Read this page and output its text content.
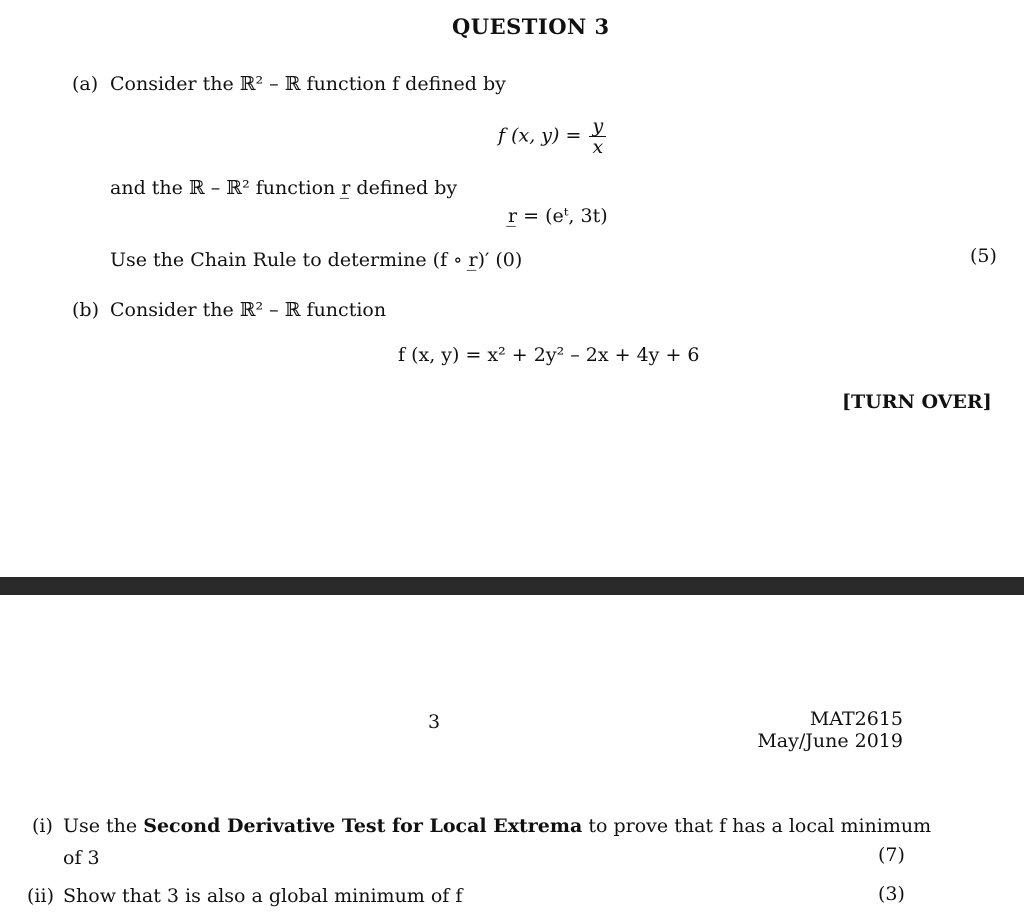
QUESTION 3
(a) Consider the ℝ² – ℝ function f defined by
f (x, $y) = \frac{y}{x}$
and the ℝ – ℝ² function r̲ defined by
r̲ = (eᵗ, 3t)
Use the Chain Rule to determine (f ∘ r̲)′ (0)	(5)
(b) Consider the ℝ² – ℝ function
f (x, y) = x² + 2y² – 2x + 4y + 6
[TURN OVER]
3	MAT2615
May/June 2019
(i) Use the Second Derivative Test for Local Extrema to prove that f has a local minimum
of 3	(7)
(ii) Show that 3 is also a global minimum of f	(3)
